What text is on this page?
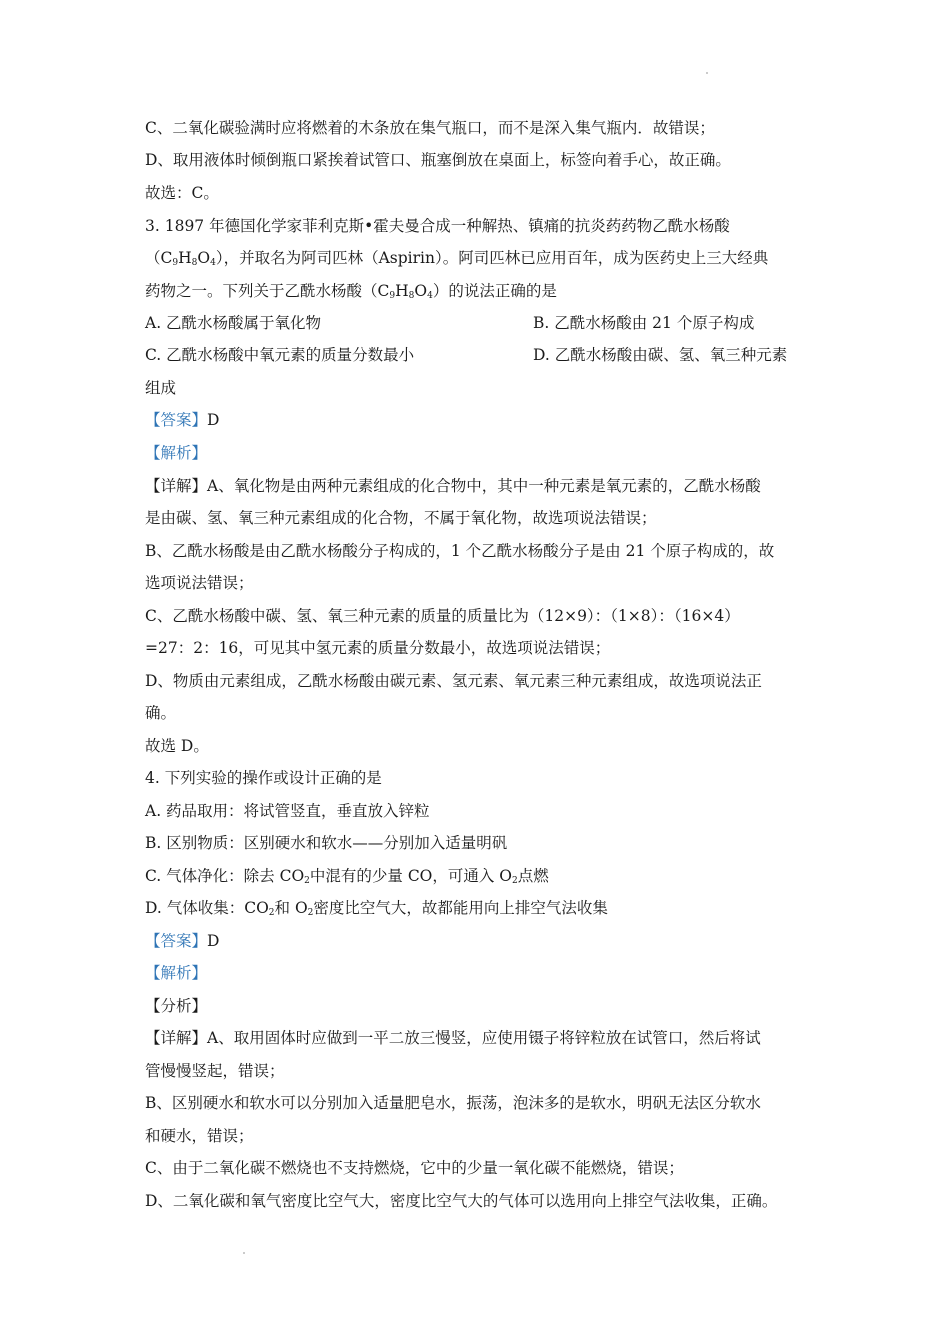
C、二氧化碳验满时应将燃着的木条放在集气瓶口，而不是深入集气瓶内．故错误；
D、取用液体时倾倒瓶口紧挨着试管口、瓶塞倒放在桌面上，标签向着手心，故正确。
故选：C。
3. 1897 年德国化学家菲利克斯•霍夫曼合成一种解热、镇痛的抗炎药药物乙酰水杨酸
$(C_9H_8O_4)$，并取名为阿司匹林（Aspirin）。阿司匹林已应用百年，成为医药史上三大经典
药物之一。下列关于乙酰水杨酸$(C_9H_8O_4)$的说法正确的是
A. 乙酰水杨酸属于氧化物	B. 乙酰水杨酸由 21 个原子构成
C. 乙酰水杨酸中氧元素的质量分数最小	D. 乙酰水杨酸由碳、氢、氧三种元素
组成
【答案】D
【解析】
【详解】A、氧化物是由两种元素组成的化合物中，其中一种元素是氧元素的，乙酰水杨酸
是由碳、氢、氧三种元素组成的化合物，不属于氧化物，故选项说法错误；
B、乙酰水杨酸是由乙酰水杨酸分子构成的，1 个乙酰水杨酸分子是由 21 个原子构成的，故
选项说法错误；
C、乙酰水杨酸中碳、氢、氧三种元素的质量的质量比为（12×9）：（1×8）：（16×4）
=27：2：16，可见其中氢元素的质量分数最小，故选项说法错误；
D、物质由元素组成，乙酰水杨酸由碳元素、氢元素、氧元素三种元素组成，故选项说法正
确。
故选 D。
4. 下列实验的操作或设计正确的是
A. 药品取用：将试管竖直，垂直放入锌粒
B. 区别物质：区别硬水和软水——分别加入适量明矾
C. 气体净化：除去 $CO_2$中混有的少量 CO，可通入 $O_2$点燃
D. 气体收集：$CO_2$和 $O_2$密度比空气大，故都能用向上排空气法收集
【答案】D
【解析】
【分析】
【详解】A、取用固体时应做到一平二放三慢竖，应使用镊子将锌粒放在试管口，然后将试
管慢慢竖起，错误；
B、区别硬水和软水可以分别加入适量肥皂水，振荡，泡沫多的是软水，明矾无法区分软水
和硬水，错误；
C、由于二氧化碳不燃烧也不支持燃烧，它中的少量一氧化碳不能燃烧，错误；
D、二氧化碳和氧气密度比空气大，密度比空气大的气体可以选用向上排空气法收集，正确。
